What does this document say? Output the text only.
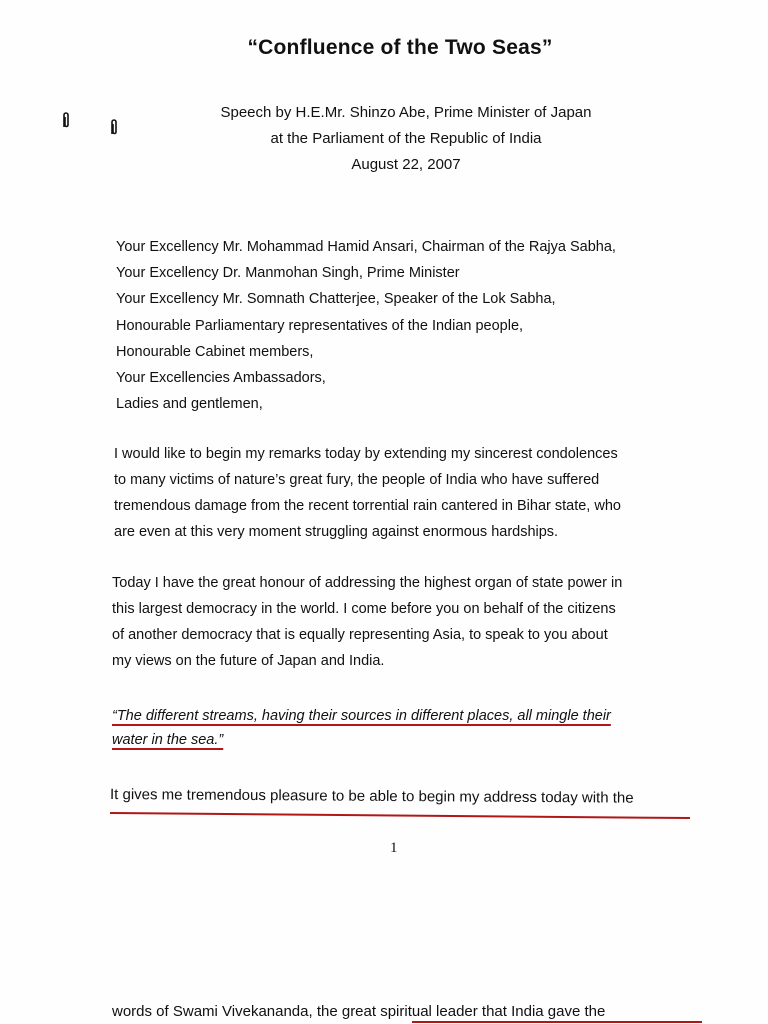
“Confluence of the Two Seas”
Speech by H.E.Mr. Shinzo Abe, Prime Minister of Japan
at the Parliament of the Republic of India
August 22, 2007
Your Excellency Mr. Mohammad Hamid Ansari, Chairman of the Rajya Sabha,
Your Excellency Dr. Manmohan Singh, Prime Minister
Your Excellency Mr. Somnath Chatterjee, Speaker of the Lok Sabha,
Honourable Parliamentary representatives of the Indian people,
Honourable Cabinet members,
Your Excellencies Ambassadors,
Ladies and gentlemen,
I would like to begin my remarks today by extending my sincerest condolences
to many victims of nature’s great fury, the people of India who have suffered
tremendous damage from the recent torrential rain cantered in Bihar state, who
are even at this very moment struggling against enormous hardships.
Today I have the great honour of addressing the highest organ of state power in
this largest democracy in the world. I come before you on behalf of the citizens
of another democracy that is equally representing Asia, to speak to you about
my views on the future of Japan and India.
“The different streams, having their sources in different places, all mingle their
water in the sea.”
It gives me tremendous pleasure to be able to begin my address today with the
1
words of Swami Vivekananda, the great spiritual leader that India gave the
